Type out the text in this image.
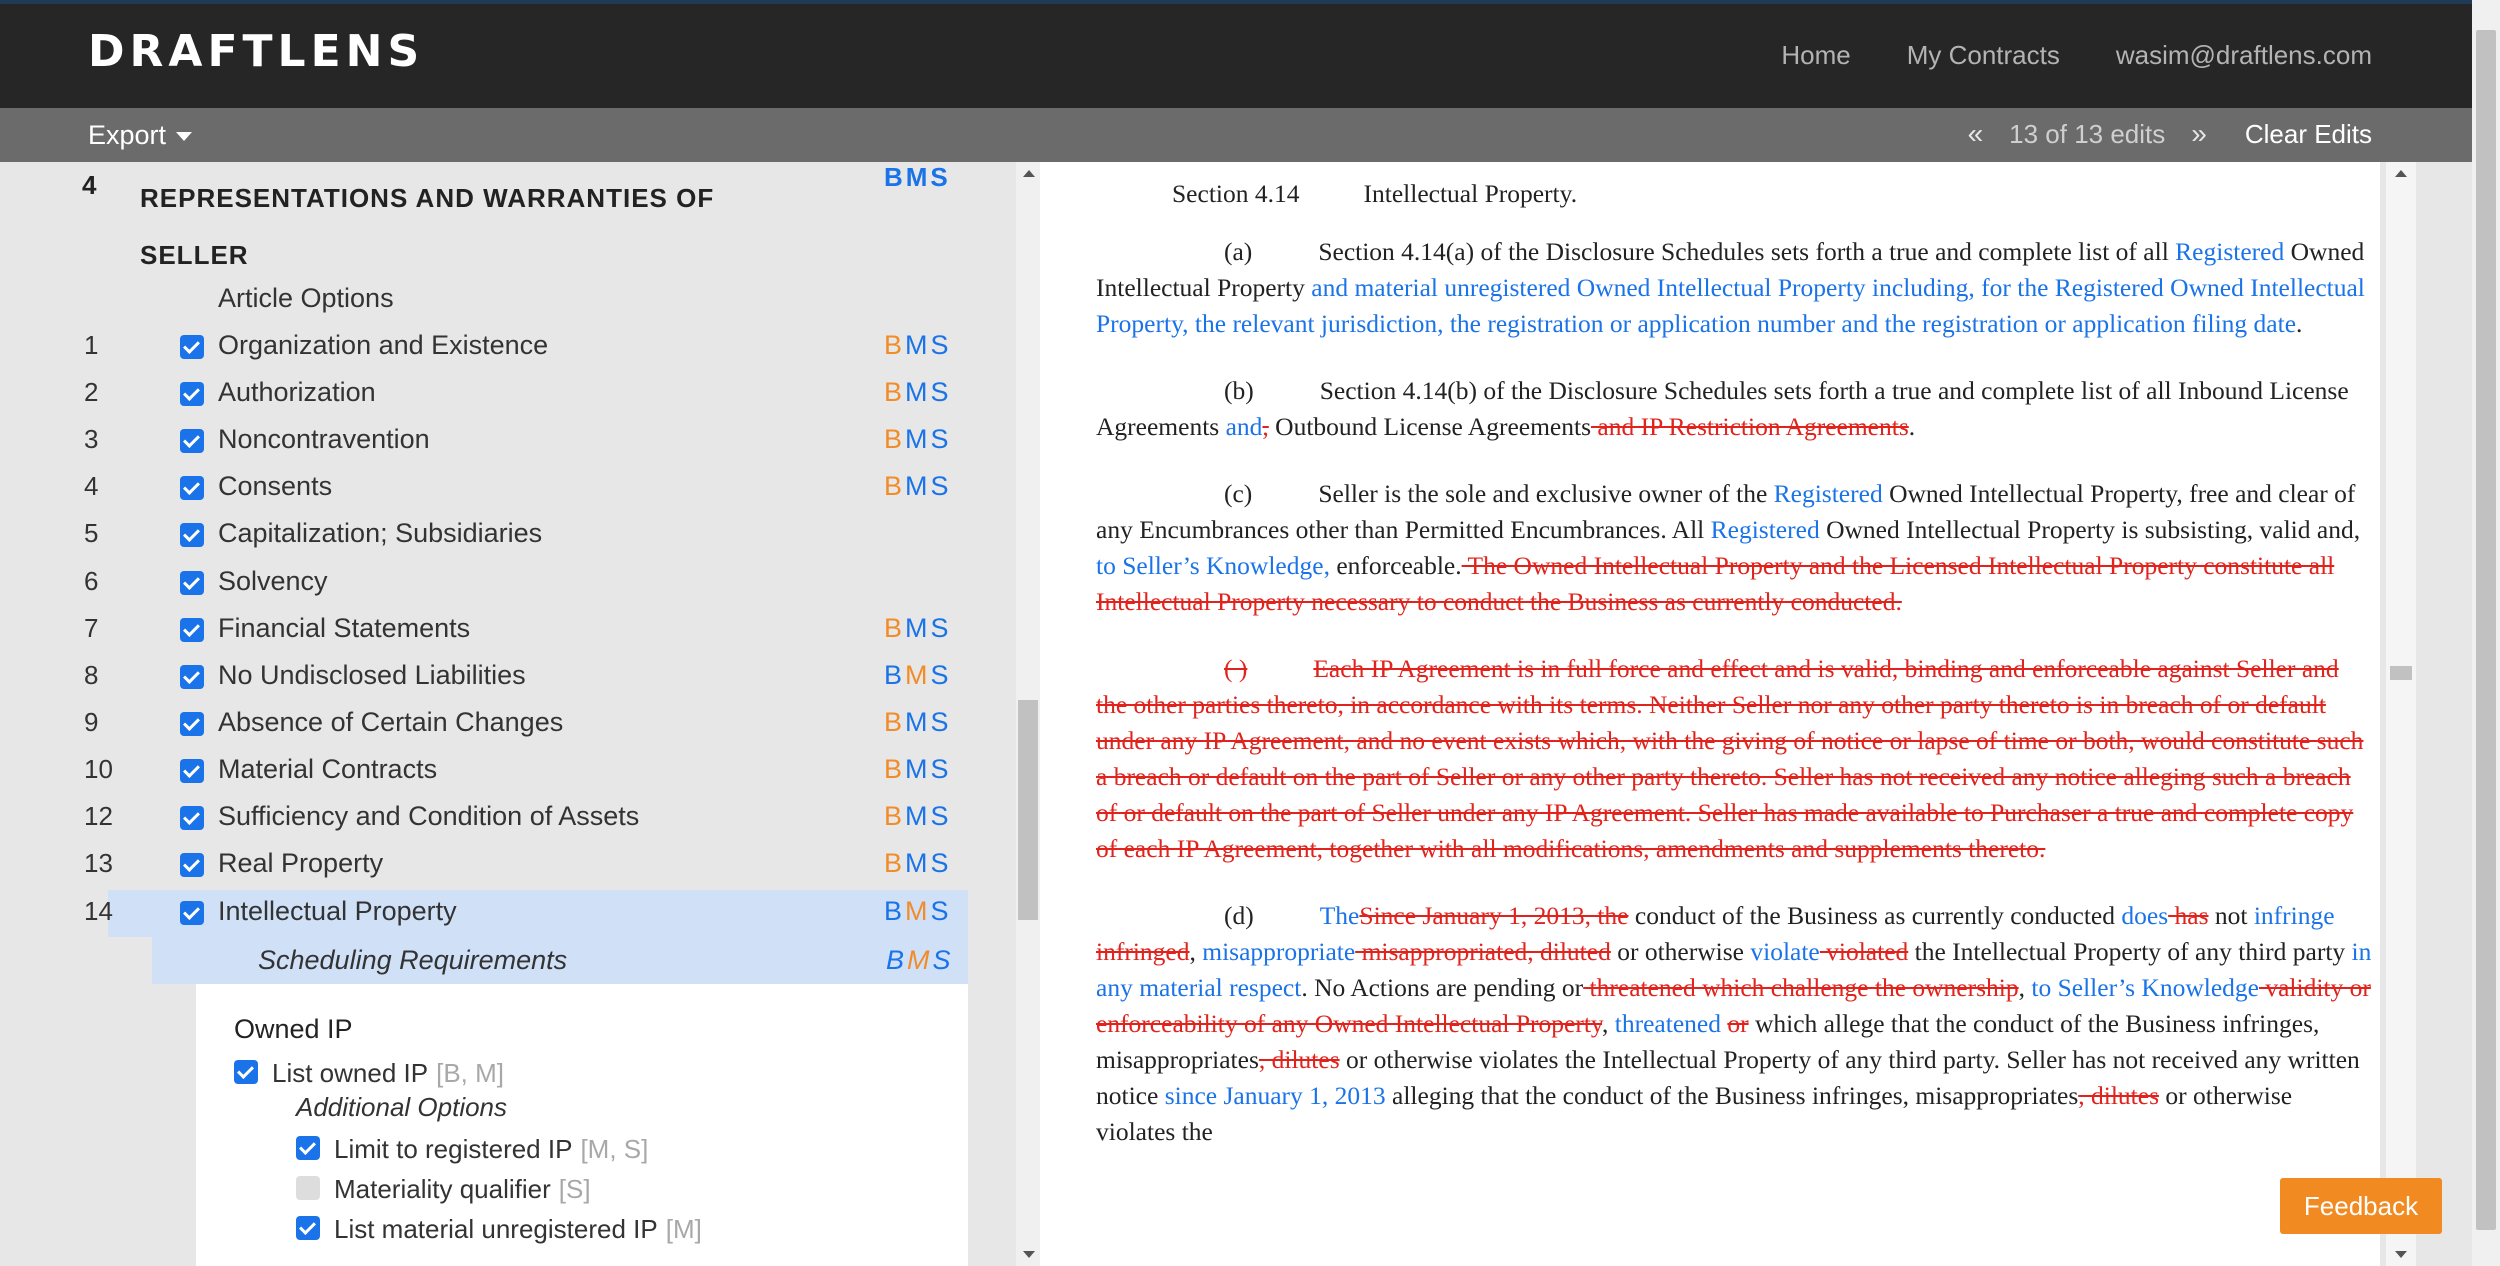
DRAFTLENS	Home My Contracts wasim@draftlens.com
Export	« 13 of 13 edits » Clear Edits
4 REPRESENTATIONS AND WARRANTIES OF SELLER
BMS
Article Options
1	Organization and Existence	BMS
2	Authorization	BMS
3	Noncontravention	BMS
4	Consents	BMS
5	Capitalization; Subsidiaries
6	Solvency
7	Financial Statements	BMS
8	No Undisclosed Liabilities	BMS
9	Absence of Certain Changes	BMS
10	Material Contracts	BMS
12	Sufficiency and Condition of Assets	BMS
13	Real Property	BMS
14	Intellectual Property	BMS
Scheduling Requirements	BMS
Owned IP
List owned IP [B, M]
Additional Options
Limit to registered IP [M, S]
Materiality qualifier [S]
List material unregistered IP [M]

Section 4.14	Intellectual Property.

(a)	Section 4.14(a) of the Disclosure Schedules sets forth a true and complete list of all Registered Owned Intellectual Property and material unregistered Owned Intellectual Property including, for the Registered Owned Intellectual Property, the relevant jurisdiction, the registration or application number and the registration or application filing date.

(b)	Section 4.14(b) of the Disclosure Schedules sets forth a true and complete list of all Inbound License Agreements and, Outbound License Agreements and IP Restriction Agreements.

(c)	Seller is the sole and exclusive owner of the Registered Owned Intellectual Property, free and clear of any Encumbrances other than Permitted Encumbrances. All Registered Owned Intellectual Property is subsisting, valid and, to Seller’s Knowledge, enforceable. The Owned Intellectual Property and the Licensed Intellectual Property constitute all Intellectual Property necessary to conduct the Business as currently conducted.

( )	Each IP Agreement is in full force and effect and is valid, binding and enforceable against Seller and the other parties thereto, in accordance with its terms. Neither Seller nor any other party thereto is in breach of or default under any IP Agreement, and no event exists which, with the giving of notice or lapse of time or both, would constitute such a breach or default on the part of Seller or any other party thereto. Seller has not received any notice alleging such a breach of or default on the part of Seller under any IP Agreement. Seller has made available to Purchaser a true and complete copy of each IP Agreement, together with all modifications, amendments and supplements thereto.

(d)	TheSince January 1, 2013, the conduct of the Business as currently conducted does has not infringe infringed, misappropriate misappropriated, diluted or otherwise violate violated the Intellectual Property of any third party in any material respect. No Actions are pending or threatened which challenge the ownership, to Seller’s Knowledge validity or enforceability of any Owned Intellectual Property, threatened or which allege that the conduct of the Business infringes, misappropriates, dilutes or otherwise violates the Intellectual Property of any third party. Seller has not received any written notice since January 1, 2013 alleging that the conduct of the Business infringes, misappropriates, dilutes or otherwise violates the

Feedback
